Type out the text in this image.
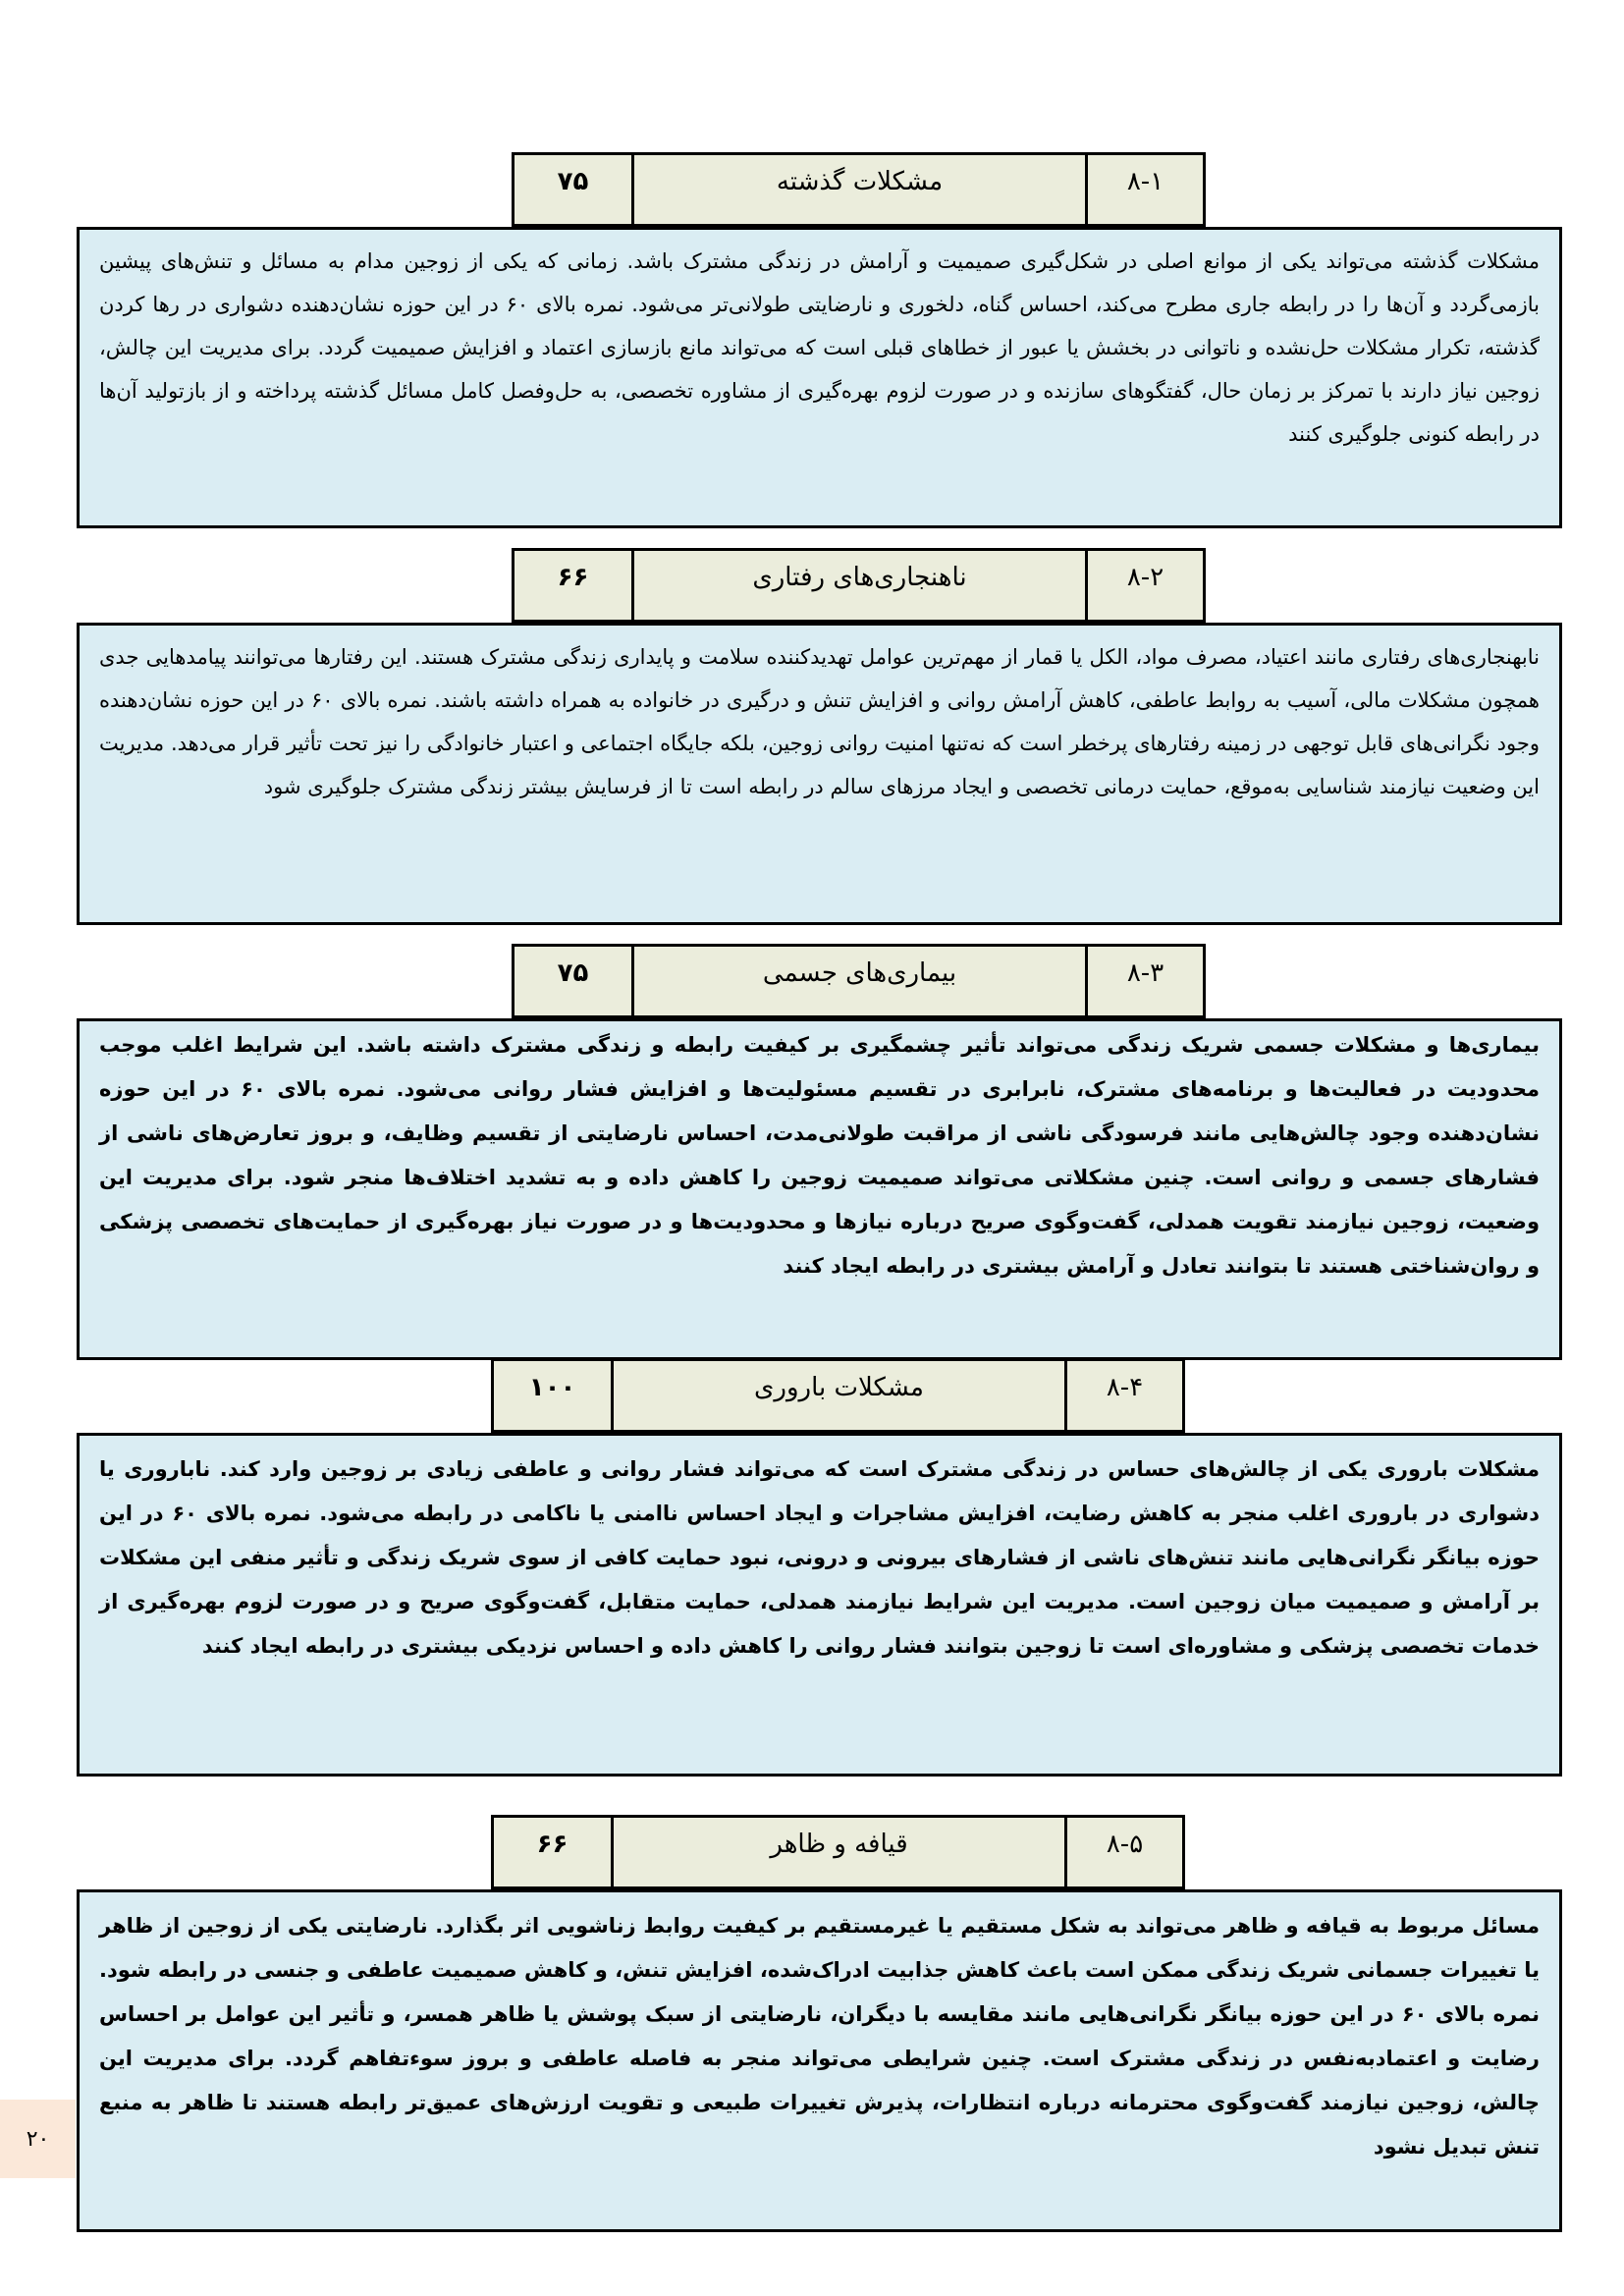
۸-۱
مشکلات گذشته
۷۵
مشکلات گذشته می‌تواند یکی از موانع اصلی در شکل‌گیری صمیمیت و آرامش در زندگی مشترک باشد. زمانی که یکی از زوجین مدام به مسائل و تنش‌های پیشین بازمی‌گردد و آن‌ها را در رابطه جاری مطرح می‌کند، احساس گناه، دلخوری و نارضایتی طولانی‌تر می‌شود. نمره بالای ۶۰ در این حوزه نشان‌دهنده دشواری در رها کردن گذشته، تکرار مشکلات حل‌نشده و ناتوانی در بخشش یا عبور از خطاهای قبلی است که می‌تواند مانع بازسازی اعتماد و افزایش صمیمیت گردد. برای مدیریت این چالش، زوجین نیاز دارند با تمرکز بر زمان حال، گفتگوهای سازنده و در صورت لزوم بهره‌گیری از مشاوره تخصصی، به حل‌وفصل کامل مسائل گذشته پرداخته و از بازتولید آن‌ها در رابطه کنونی جلوگیری کنند
۸-۲
ناهنجاری‌های رفتاری
۶۶
نابهنجاری‌های رفتاری مانند اعتیاد، مصرف مواد، الکل یا قمار از مهم‌ترین عوامل تهدیدکننده سلامت و پایداری زندگی مشترک هستند. این رفتارها می‌توانند پیامدهایی جدی همچون مشکلات مالی، آسیب به روابط عاطفی، کاهش آرامش روانی و افزایش تنش و درگیری در خانواده به همراه داشته باشند. نمره بالای ۶۰ در این حوزه نشان‌دهنده وجود نگرانی‌های قابل توجهی در زمینه رفتارهای پرخطر است که نه‌تنها امنیت روانی زوجین، بلکه جایگاه اجتماعی و اعتبار خانوادگی را نیز تحت تأثیر قرار می‌دهد. مدیریت این وضعیت نیازمند شناسایی به‌موقع، حمایت درمانی تخصصی و ایجاد مرزهای سالم در رابطه است تا از فرسایش بیشتر زندگی مشترک جلوگیری شود
۸-۳
بیماری‌های جسمی
۷۵
بیماری‌ها و مشکلات جسمی شریک زندگی می‌تواند تأثیر چشمگیری بر کیفیت رابطه و زندگی مشترک داشته باشد. این شرایط اغلب موجب محدودیت در فعالیت‌ها و برنامه‌های مشترک، نابرابری در تقسیم مسئولیت‌ها و افزایش فشار روانی می‌شود. نمره بالای ۶۰ در این حوزه نشان‌دهنده وجود چالش‌هایی مانند فرسودگی ناشی از مراقبت طولانی‌مدت، احساس نارضایتی از تقسیم وظایف، و بروز تعارض‌های ناشی از فشارهای جسمی و روانی است. چنین مشکلاتی می‌تواند صمیمیت زوجین را کاهش داده و به تشدید اختلاف‌ها منجر شود. برای مدیریت این وضعیت، زوجین نیازمند تقویت همدلی، گفت‌وگوی صریح درباره نیازها و محدودیت‌ها و در صورت نیاز بهره‌گیری از حمایت‌های تخصصی پزشکی و روان‌شناختی هستند تا بتوانند تعادل و آرامش بیشتری در رابطه ایجاد کنند
۸-۴
مشکلات باروری
۱۰۰
مشکلات باروری یکی از چالش‌های حساس در زندگی مشترک است که می‌تواند فشار روانی و عاطفی زیادی بر زوجین وارد کند. ناباروری یا دشواری در باروری اغلب منجر به کاهش رضایت، افزایش مشاجرات و ایجاد احساس ناامنی یا ناکامی در رابطه می‌شود. نمره بالای ۶۰ در این حوزه بیانگر نگرانی‌هایی مانند تنش‌های ناشی از فشارهای بیرونی و درونی، نبود حمایت کافی از سوی شریک زندگی و تأثیر منفی این مشکلات بر آرامش و صمیمیت میان زوجین است. مدیریت این شرایط نیازمند همدلی، حمایت متقابل، گفت‌وگوی صریح و در صورت لزوم بهره‌گیری از خدمات تخصصی پزشکی و مشاوره‌ای است تا زوجین بتوانند فشار روانی را کاهش داده و احساس نزدیکی بیشتری در رابطه ایجاد کنند
۸-۵
قیافه و ظاهر
۶۶
مسائل مربوط به قیافه و ظاهر می‌تواند به شکل مستقیم یا غیرمستقیم بر کیفیت روابط زناشویی اثر بگذارد. نارضایتی یکی از زوجین از ظاهر یا تغییرات جسمانی شریک زندگی ممکن است باعث کاهش جذابیت ادراک‌شده، افزایش تنش، و کاهش صمیمیت عاطفی و جنسی در رابطه شود. نمره بالای ۶۰ در این حوزه بیانگر نگرانی‌هایی مانند مقایسه با دیگران، نارضایتی از سبک پوشش یا ظاهر همسر، و تأثیر این عوامل بر احساس رضایت و اعتمادبه‌نفس در زندگی مشترک است. چنین شرایطی می‌تواند منجر به فاصله عاطفی و بروز سوءتفاهم گردد. برای مدیریت این چالش، زوجین نیازمند گفت‌وگوی محترمانه درباره انتظارات، پذیرش تغییرات طبیعی و تقویت ارزش‌های عمیق‌تر رابطه هستند تا ظاهر به منبع تنش تبدیل نشود
۲۰
